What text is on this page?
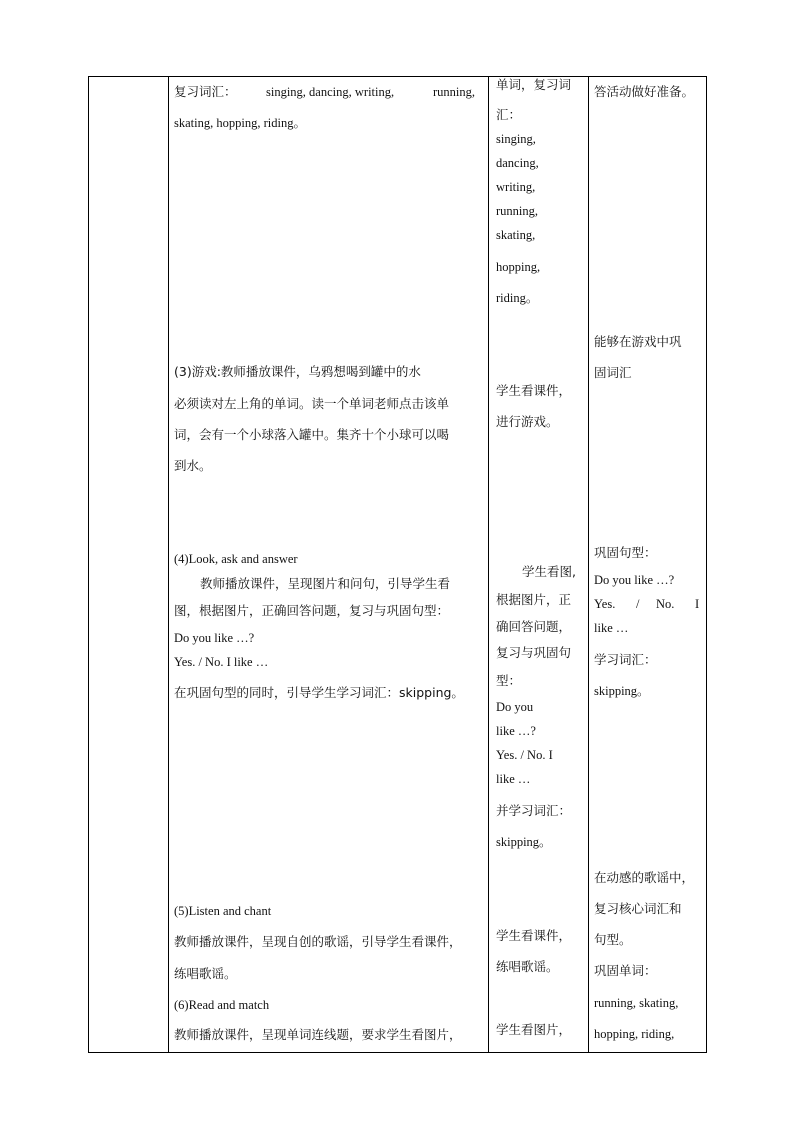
复习词汇： singing, dancing, writing,	running,
skating, hopping, riding。
(3)游戏:教师播放课件，乌鸦想喝到罐中的水
必须读对左上角的单词。读一个单词老师点击该单
词，会有一个小球落入罐中。集齐十个小球可以喝
到水。
(4)Look, ask and answer
教师播放课件，呈现图片和问句，引导学生看
图，根据图片，正确回答问题，复习与巩固句型：
Do you like …?
Yes. / No. I like …
在巩固句型的同时，引导学生学习词汇：skipping。
(5)Listen and chant
教师播放课件，呈现自创的歌谣，引导学生看课件，
练唱歌谣。
(6)Read and match
教师播放课件，呈现单词连线题，要求学生看图片，
单词，复习词
汇：
singing,
dancing,
writing,
running,
skating,
hopping,
riding。
学生看课件，
进行游戏。
学生看图,
根据图片，正
确回答问题，
复习与巩固句
型：
Do you
like …?
Yes. / No. I
like …
并学习词汇：
skipping。
学生看课件，
练唱歌谣。
学生看图片，
答活动做好准备。
能够在游戏中巩
固词汇
巩固句型：
Do you like …?
Yes. / No. I
like …
学习词汇：
skipping。
在动感的歌谣中，
复习核心词汇和
句型。
巩固单词：
running, skating,
hopping, riding,
